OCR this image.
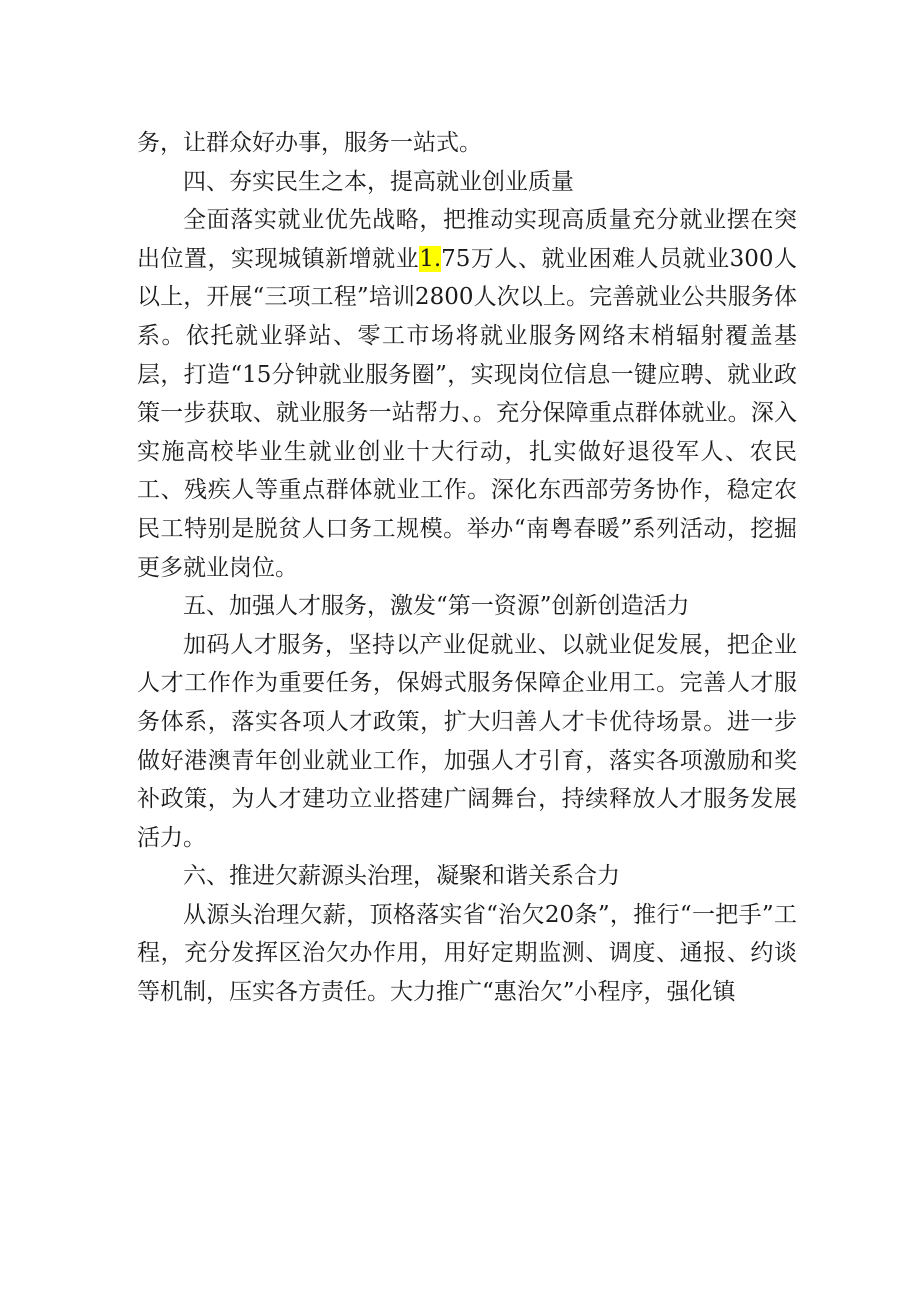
务，让群众好办事，服务一站式。

四、夯实民生之本，提高就业创业质量

全面落实就业优先战略，把推动实现高质量充分就业摆在突出位置，实现城镇新增就业1.75万人、就业困难人员就业300人以上，开展“三项工程”培训2800人次以上。完善就业公共服务体系。依托就业驿站、零工市场将就业服务网络末梢辐射覆盖基层，打造“15分钟就业服务圈”，实现岗位信息一键应聘、就业政策一步获取、就业服务一站帮力、。充分保障重点群体就业。深入实施高校毕业生就业创业十大行动，扎实做好退役军人、农民工、残疾人等重点群体就业工作。深化东西部劳务协作，稳定农民工特别是脱贫人口务工规模。举办“南粤春暖”系列活动，挖掘更多就业岗位。

五、加强人才服务，激发“第一资源”创新创造活力

加码人才服务，坚持以产业促就业、以就业促发展，把企业人才工作作为重要任务，保姆式服务保障企业用工。完善人才服务体系，落实各项人才政策，扩大归善人才卡优待场景。进一步做好港澳青年创业就业工作，加强人才引育，落实各项激励和奖补政策，为人才建功立业搭建广阔舞台，持续释放人才服务发展活力。

六、推进欠薪源头治理，凝聚和谐关系合力

从源头治理欠薪，顶格落实省“治欠20条”，推行“一把手”工程，充分发挥区治欠办作用，用好定期监测、调度、通报、约谈等机制，压实各方责任。大力推广“惠治欠”小程序，强化镇
